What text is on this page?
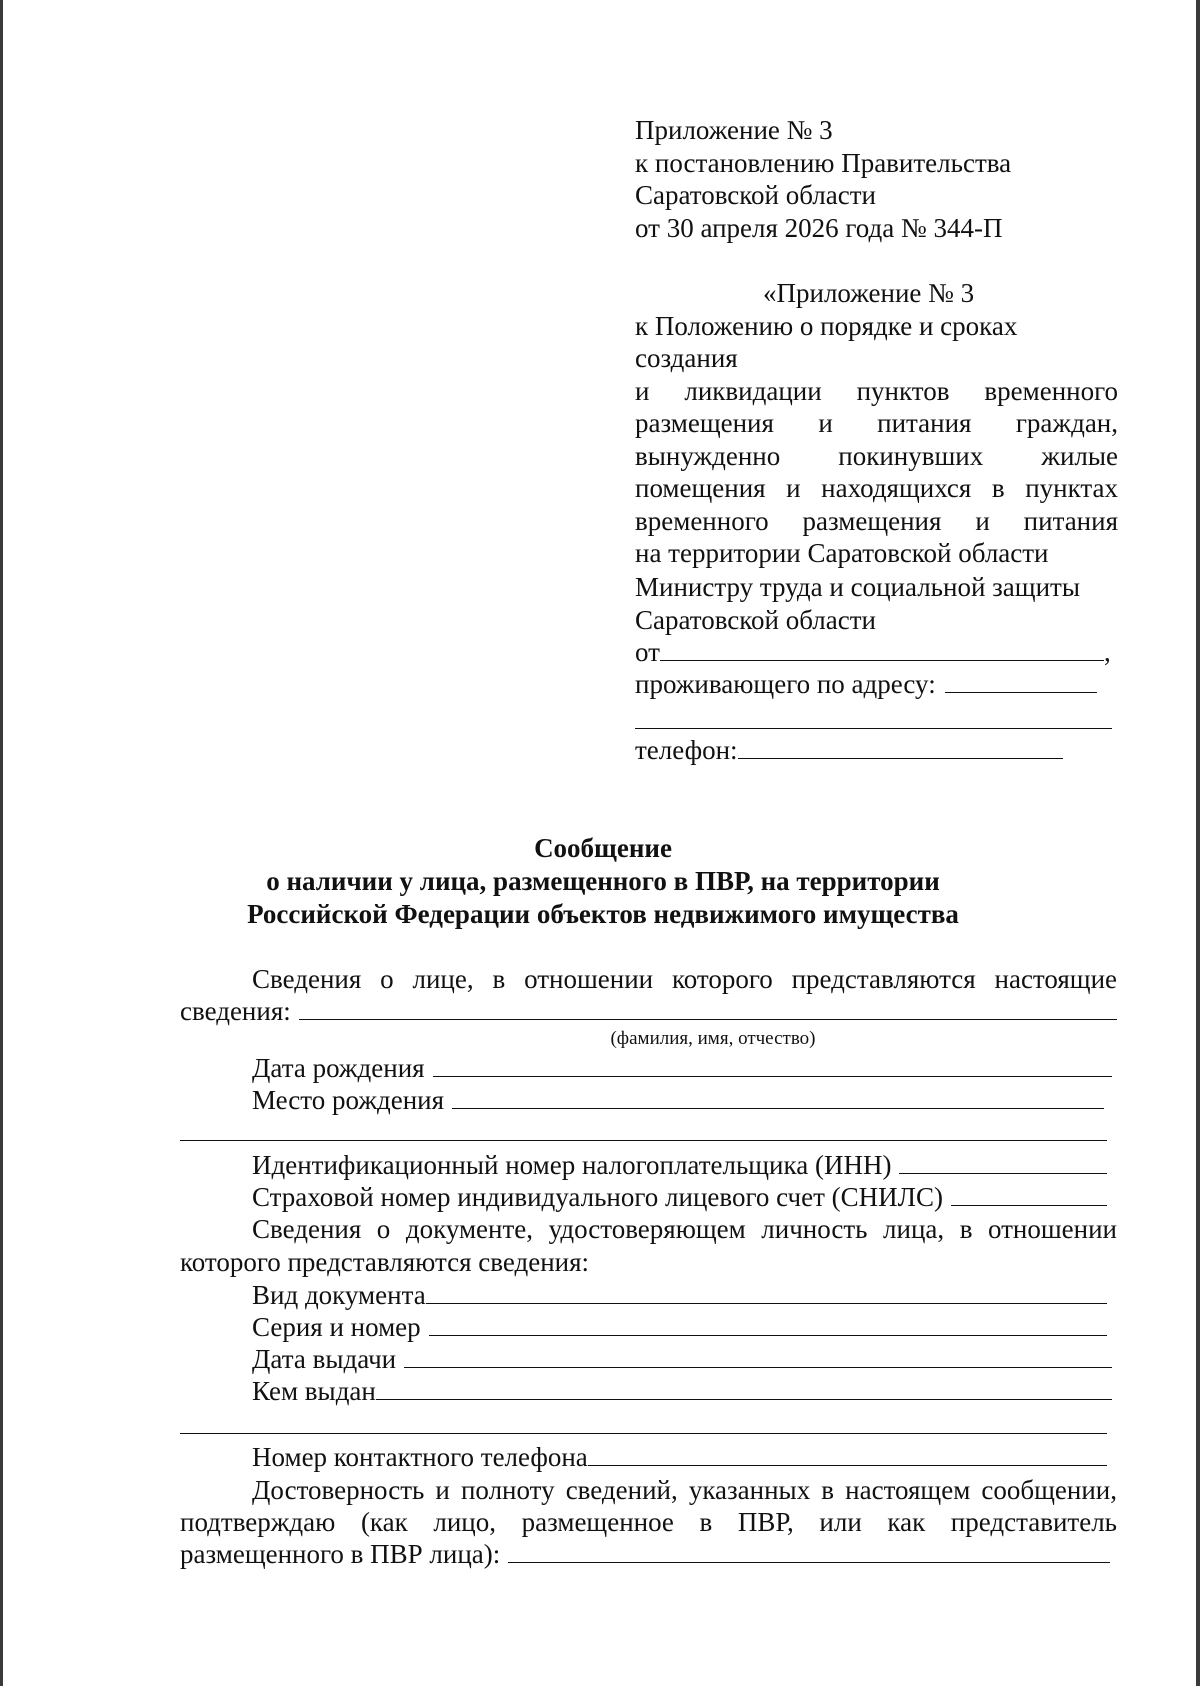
Приложение № 3
к постановлению Правительства
Саратовской области
от 30 апреля 2026 года № 344-П
«Приложение № 3
к Положению о порядке и сроках создания
и ликвидации пунктов временного
размещения и питания граждан,
вынужденно покинувших жилые
помещения и находящихся в пунктах
временного размещения и питания
на территории Саратовской области
Министру труда и социальной защиты
Саратовской области
от	,
проживающего по адресу:
телефон:
Сообщение
о наличии у лица, размещенного в ПВР, на территории
Российской Федерации объектов недвижимого имущества
Сведения о лице, в отношении которого представляются настоящие
сведения:
(фамилия, имя, отчество)
Дата рождения
Место рождения
Идентификационный номер налогоплательщика (ИНН)
Страховой номер индивидуального лицевого счет (СНИЛС)
Сведения о документе, удостоверяющем личность лица, в отношении
которого представляются сведения:
Вид документа
Серия и номер
Дата выдачи
Кем выдан
Номер контактного телефона
Достоверность и полноту сведений, указанных в настоящем сообщении,
подтверждаю (как лицо, размещенное в ПВР, или как представитель
размещенного в ПВР лица):
